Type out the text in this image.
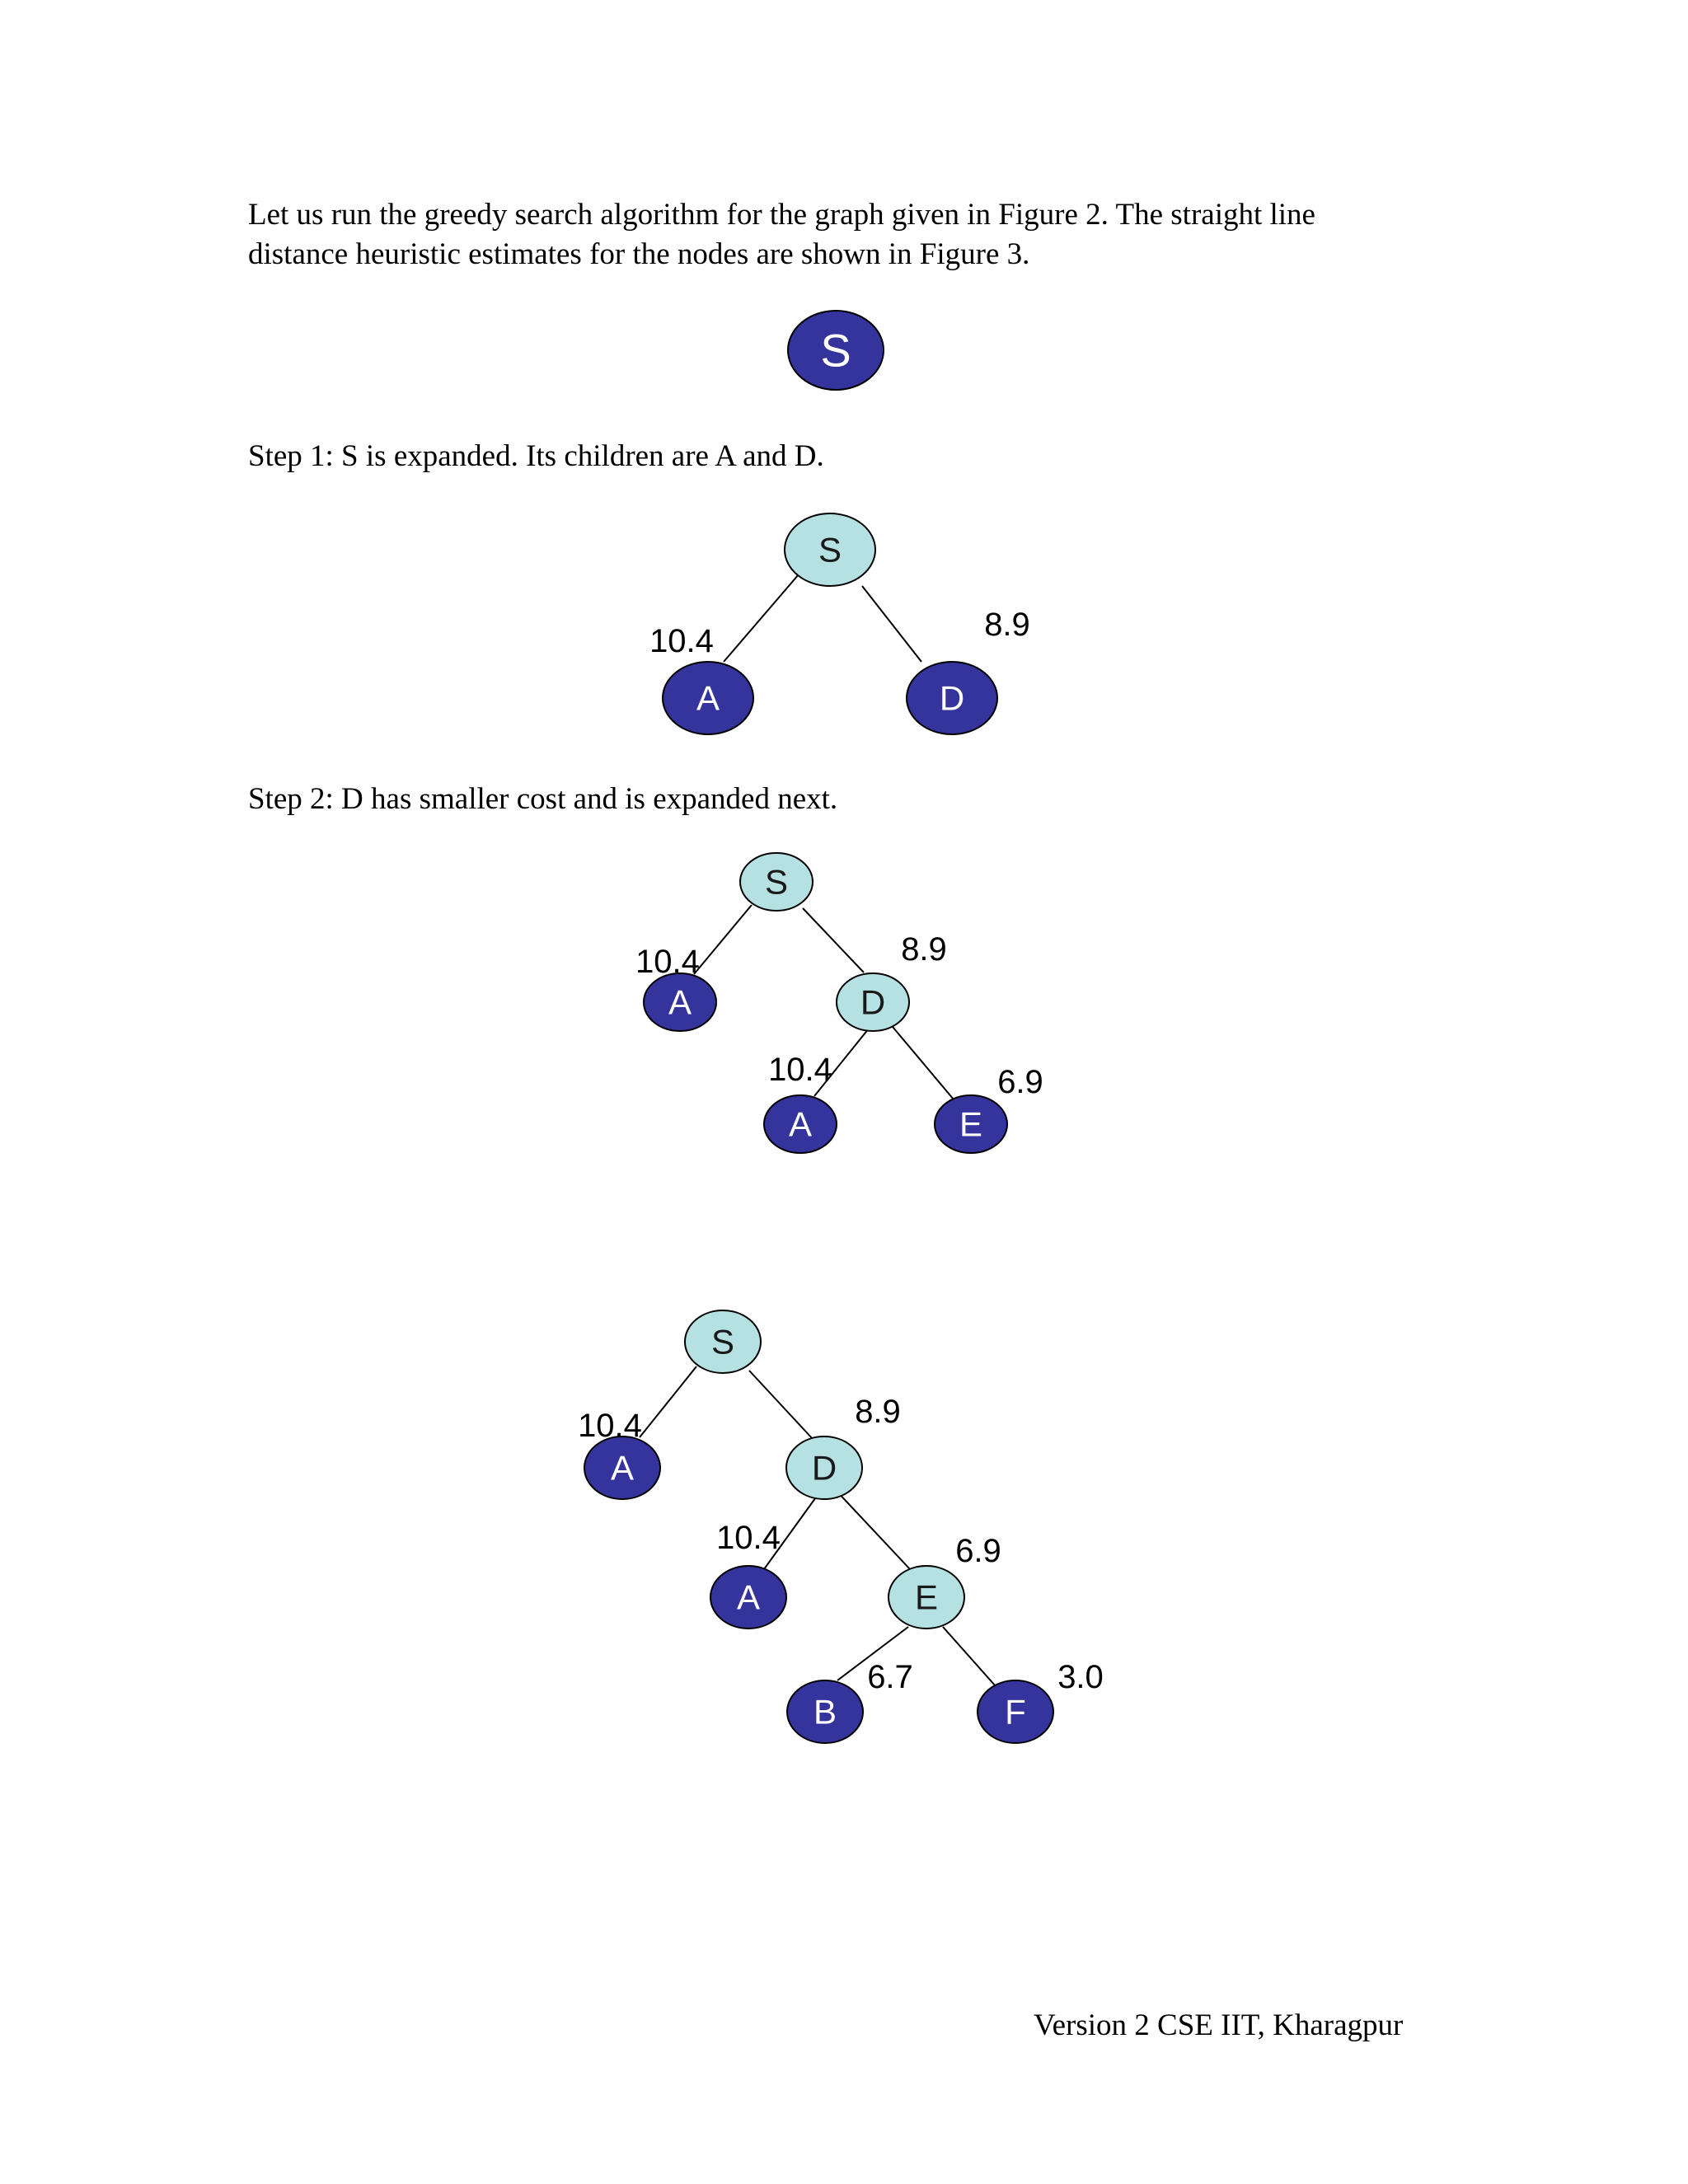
Let us run the greedy search algorithm for the graph given in Figure 2. The straight line
distance heuristic estimates for the nodes are shown in Figure 3.

Step 1: S is expanded. Its children are A and D.

Step 2: D has smaller cost and is expanded next.

Version 2 CSE IIT, Kharagpur

S
S
A
10.4
D
8.9
S
A
10.4
D
8.9
A
10.4
E
6.9
S
A
10.4
D
8.9
A
10.4
E
6.9
B
6.7
F
3.0
